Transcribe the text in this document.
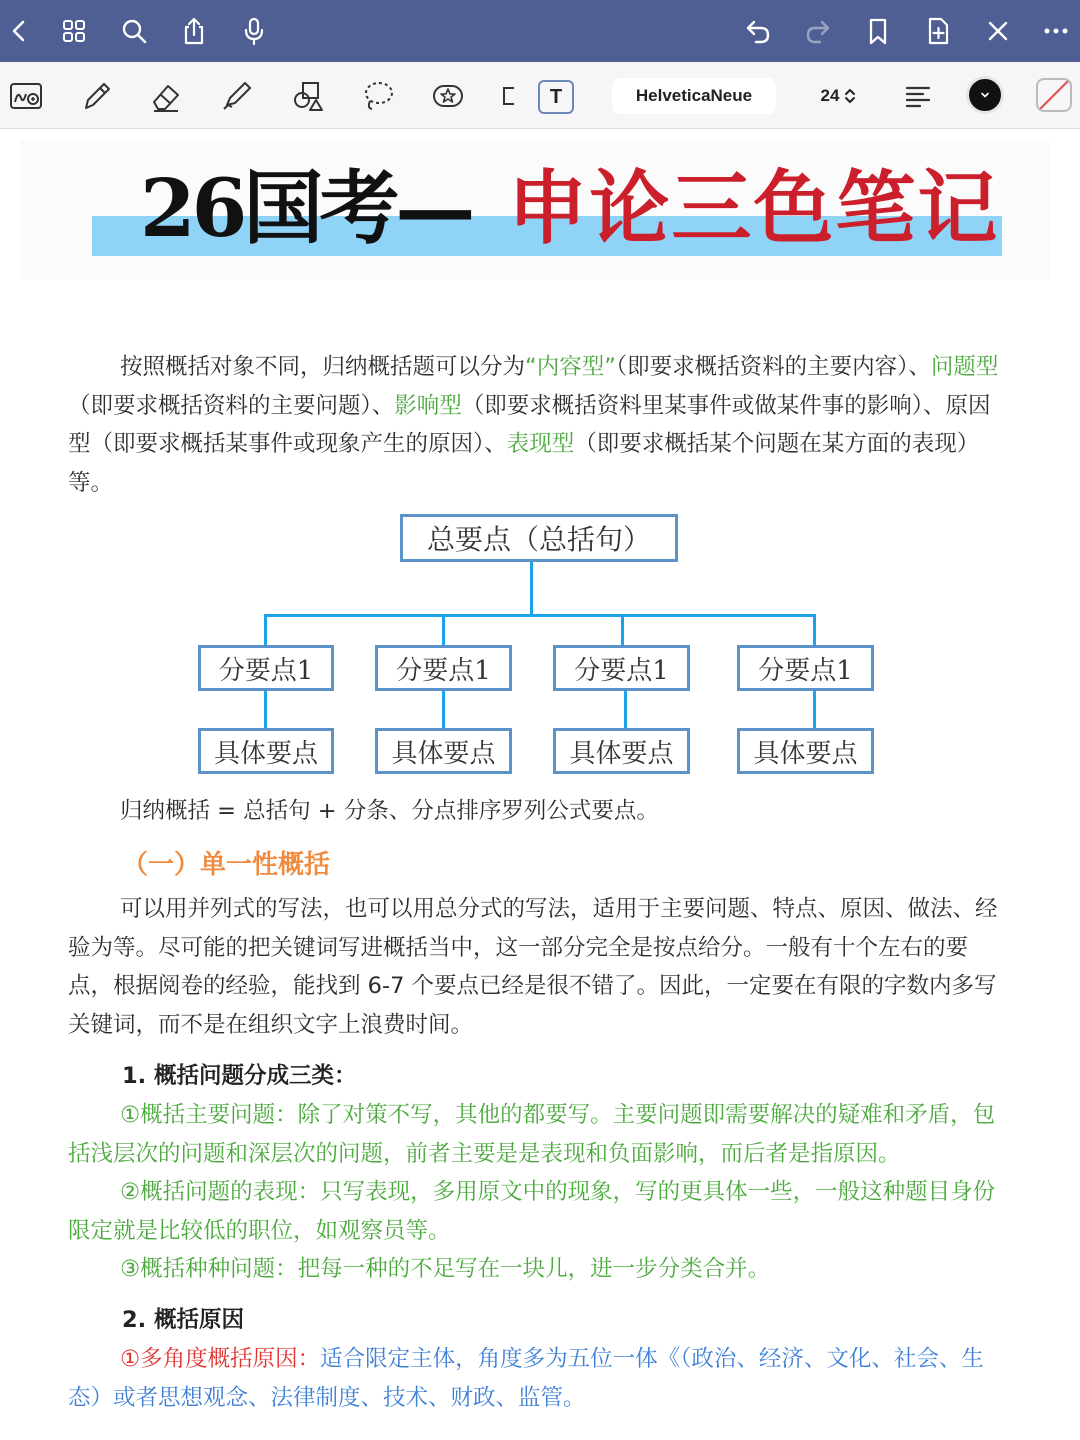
T	HelveticaNeue	24
26国考— 申论三色笔记
按照概括对象不同，归纳概括题可以分为“内容型”（即要求概括资料的主要内容）、问题型（即要求概括资料的主要问题）、影响型（即要求概括资料里某事件或做某件事的影响）、原因型（即要求概括某事件或现象产生的原因）、表现型（即要求概括某个问题在某方面的表现）等。
总要点（总括句）
分要点1	分要点1	分要点1	分要点1
具体要点	具体要点	具体要点	具体要点
归纳概括 = 总括句 + 分条、分点排序罗列公式要点。
（一）单一性概括
可以用并列式的写法，也可以用总分式的写法，适用于主要问题、特点、原因、做法、经验为等。尽可能的把关键词写进概括当中，这一部分完全是按点给分。一般有十个左右的要点，根据阅卷的经验，能找到 6-7 个要点已经是很不错了。因此，一定要在有限的字数内多写关键词，而不是在组织文字上浪费时间。
1. 概括问题分成三类：
①概括主要问题：除了对策不写，其他的都要写。主要问题即需要解决的疑难和矛盾，包括浅层次的问题和深层次的问题，前者主要是是表现和负面影响，而后者是指原因。
②概括问题的表现：只写表现，多用原文中的现象，写的更具体一些，一般这种题目身份限定就是比较低的职位，如观察员等。
③概括种种问题：把每一种的不足写在一块儿，进一步分类合并。
2. 概括原因
①多角度概括原因：适合限定主体，角度多为五位一体《（政治、经济、文化、社会、生态）或者思想观念、法律制度、技术、财政、监管。
